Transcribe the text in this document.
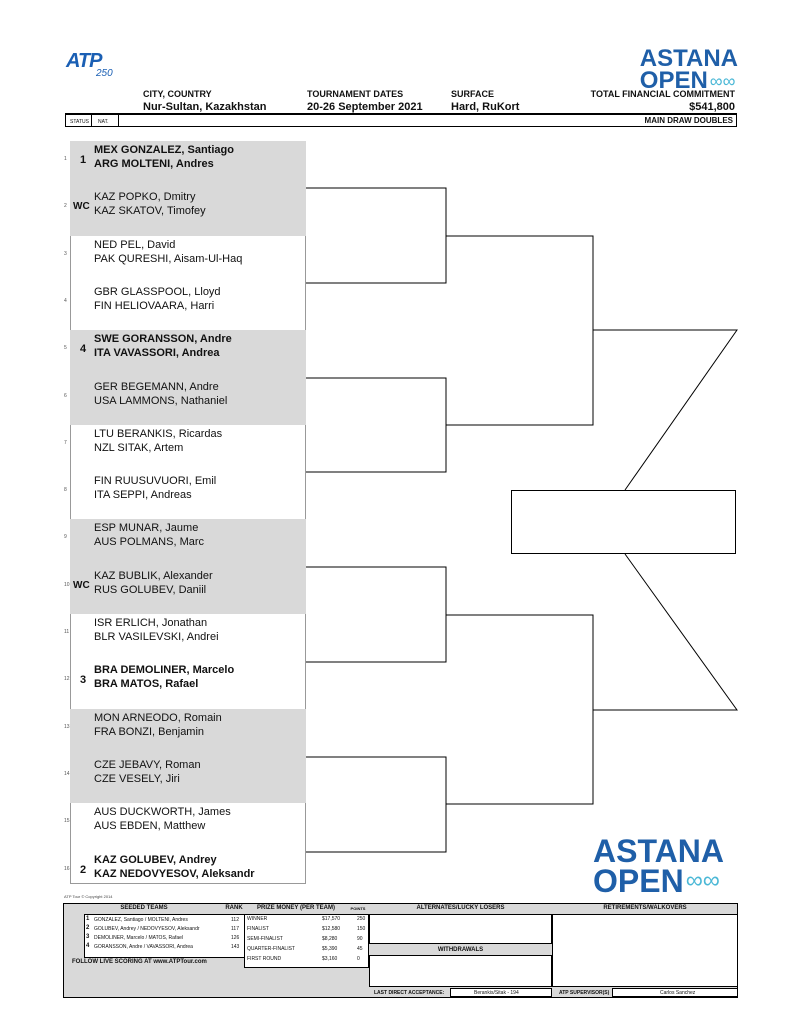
ATP
250
CITY, COUNTRY
Nur-Sultan, Kazakhstan
TOURNAMENT DATES
20-26 September 2021
SURFACE
Hard, RuKort
TOTAL FINANCIAL COMMITMENT
$541,800
ASTANA
OPEN ∞∞
STATUS NAT.	MAIN DRAW DOUBLES
ASTANA
OPEN ∞∞
ATP Tour © Copyright 2014
SEEDED TEAMS	RANK	PRIZE MONEY (PER TEAM)	POINTS
1 GONZALEZ, Santiago / MOLTENI, Andres	112
2 GOLUBEV, Andrey / NEDOVYESOV, Aleksandr	117
3 DEMOLINER, Marcelo / MATOS, Rafael	126
4 GORANSSON, Andre / VAVASSORI, Andrea	143
WINNER	$17,570	250
FINALIST	$12,580	150
SEMI-FINALIST	$8,280	90
QUARTER-FINALIST	$5,390	45
FIRST ROUND	$3,160	0
FOLLOW LIVE SCORING AT www.ATPTour.com
ALTERNATES/LUCKY LOSERS
WITHDRAWALS
RETIREMENTS/WALKOVERS
LAST DIRECT ACCEPTANCE:	Berankis/Sitak - 194	ATP SUPERVISOR(S)	Carlos Sanchez
1 1
MEX GONZALEZ, Santiago
ARG MOLTENI, Andres
2 WC
KAZ POPKO, Dmitry
KAZ SKATOV, Timofey
3
NED PEL, David
PAK QURESHI, Aisam-Ul-Haq
4
GBR GLASSPOOL, Lloyd
FIN HELIOVAARA, Harri
5 4
SWE GORANSSON, Andre
ITA VAVASSORI, Andrea
6
GER BEGEMANN, Andre
USA LAMMONS, Nathaniel
7
LTU BERANKIS, Ricardas
NZL SITAK, Artem
8
FIN RUUSUVUORI, Emil
ITA SEPPI, Andreas
9
ESP MUNAR, Jaume
AUS POLMANS, Marc
10 WC
KAZ BUBLIK, Alexander
RUS GOLUBEV, Daniil
11
ISR ERLICH, Jonathan
BLR VASILEVSKI, Andrei
12 3
BRA DEMOLINER, Marcelo
BRA MATOS, Rafael
13
MON ARNEODO, Romain
FRA BONZI, Benjamin
14
CZE JEBAVY, Roman
CZE VESELY, Jiri
15
AUS DUCKWORTH, James
AUS EBDEN, Matthew
16 2
KAZ GOLUBEV, Andrey
KAZ NEDOVYESOV, Aleksandr
